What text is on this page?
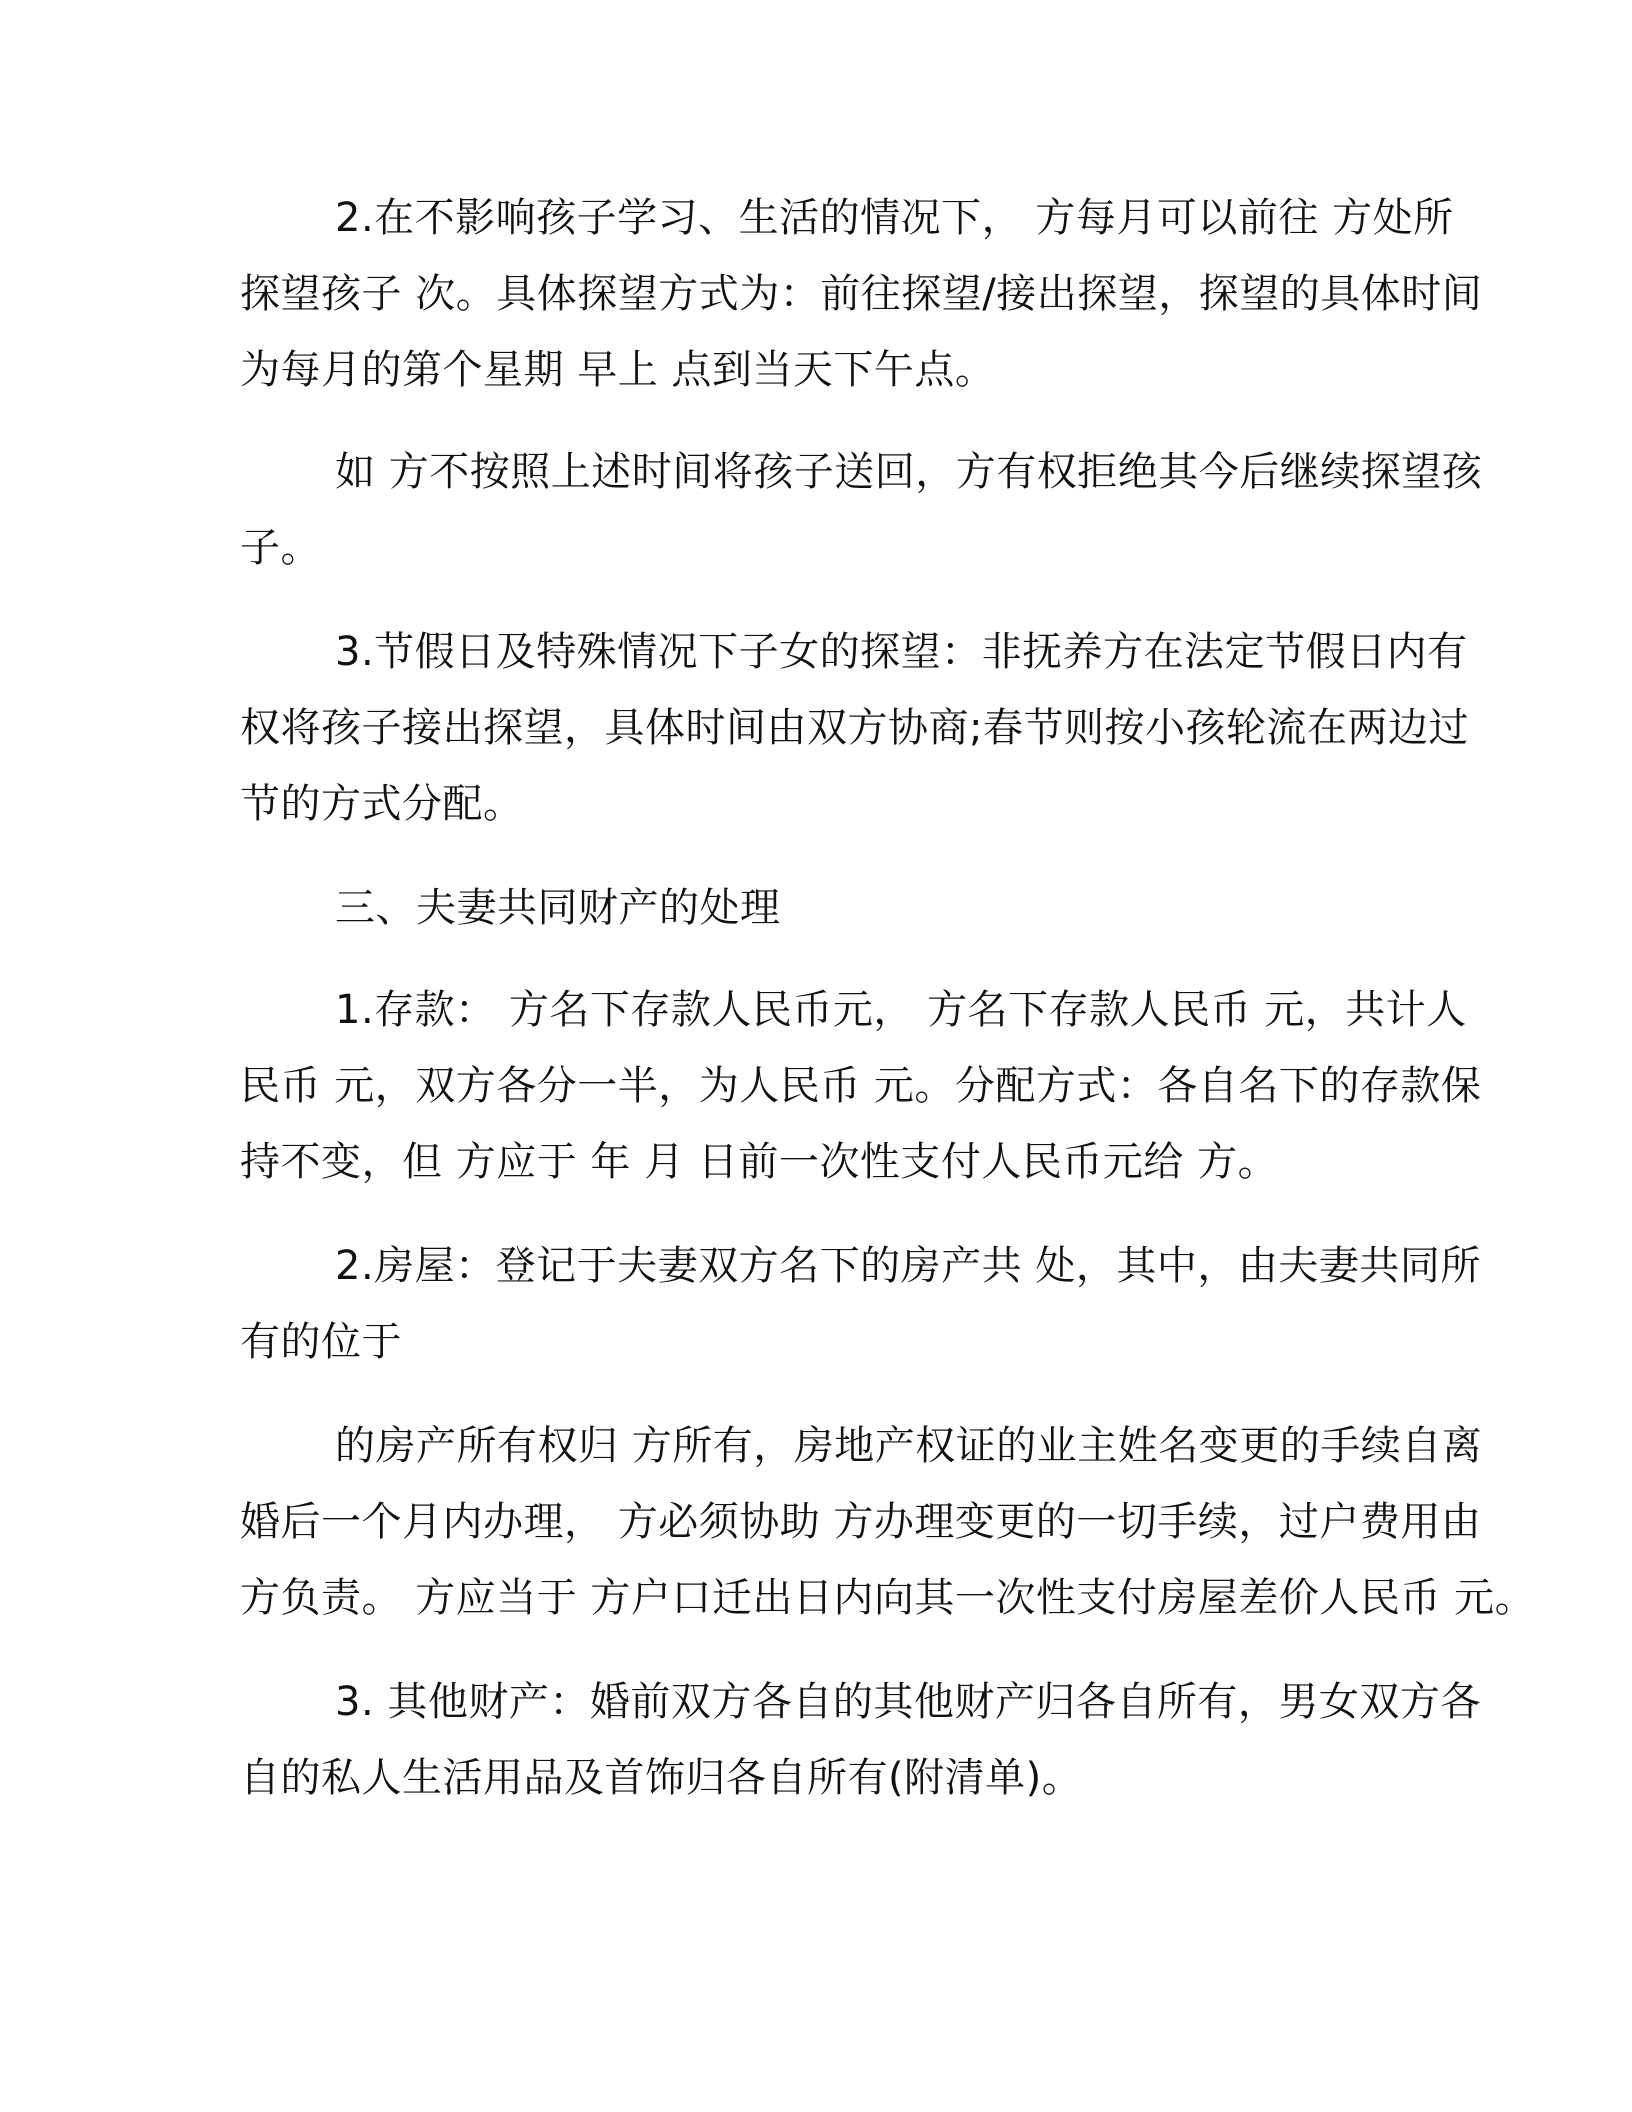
2.在不影响孩子学习、生活的情况下， 方每月可以前往 方处所
探望孩子 次。具体探望方式为：前往探望/接出探望，探望的具体时间
为每月的第个星期 早上 点到当天下午点。
如 方不按照上述时间将孩子送回，方有权拒绝其今后继续探望孩
子。
3.节假日及特殊情况下子女的探望：非抚养方在法定节假日内有
权将孩子接出探望，具体时间由双方协商;春节则按小孩轮流在两边过
节的方式分配。
三、夫妻共同财产的处理
1.存款： 方名下存款人民币元， 方名下存款人民币 元，共计人
民币 元，双方各分一半，为人民币 元。分配方式：各自名下的存款保
持不变，但 方应于 年 月 日前一次性支付人民币元给 方。
2.房屋：登记于夫妻双方名下的房产共 处，其中，由夫妻共同所
有的位于
的房产所有权归 方所有，房地产权证的业主姓名变更的手续自离
婚后一个月内办理， 方必须协助 方办理变更的一切手续，过户费用由
方负责。 方应当于 方户口迁出日内向其一次性支付房屋差价人民币 元。
3. 其他财产：婚前双方各自的其他财产归各自所有，男女双方各
自的私人生活用品及首饰归各自所有(附清单)。
